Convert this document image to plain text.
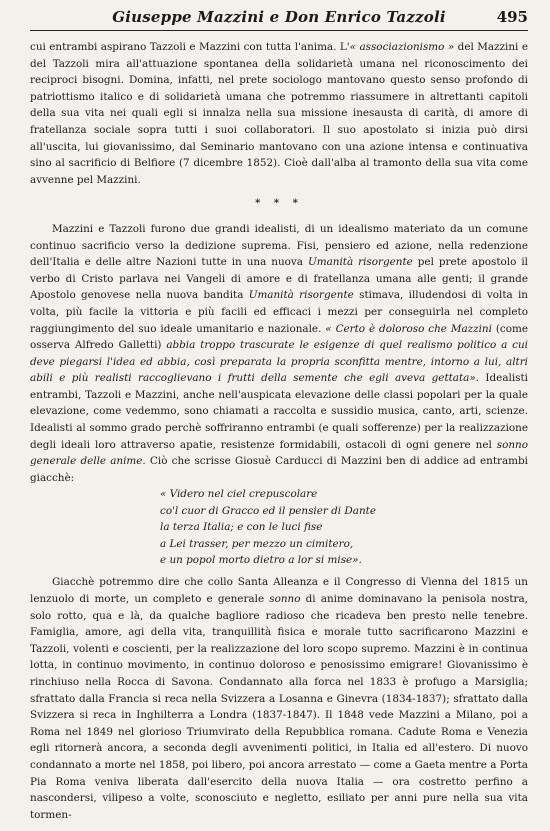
Giuseppe Mazzini e Don Enrico Tazzoli	495

cui entrambi aspirano Tazzoli e Mazzini con tutta l'anima. L'« associazionismo » del Mazzini e del Tazzoli mira all'attuazione spontanea della solidarietà umana nel riconoscimento dei reciproci bisogni. Domina, infatti, nel prete sociologo mantovano questo senso profondo di patriottismo italico e di solidarietà umana che potremmo riassumere in altrettanti capitoli della sua vita nei quali egli si innalza nella sua missione inesausta di carità, di amore di fratellanza sociale sopra tutti i suoi collaboratori. Il suo apostolato si inizia può dirsi all'uscita, lui giovanissimo, dal Seminario mantovano con una azione intensa e continuativa sino al sacrificio di Belfiore (7 dicembre 1852). Cioè dall'alba al tramonto della sua vita come avvenne pel Mazzini.

* * *

Mazzini e Tazzoli furono due grandi idealisti, di un idealismo materiato da un comune continuo sacrificio verso la dedizione suprema. Fisi, pensiero ed azione, nella redenzione dell'Italia e delle altre Nazioni tutte in una nuova Umanità risorgente pel prete apostolo il verbo di Cristo parlava nei Vangeli di amore e di fratellanza umana alle genti; il grande Apostolo genovese nella nuova bandita Umanità risorgente stimava, illudendosi di volta in volta, più facile la vittoria e più facili ed efficaci i mezzi per conseguirla nel completo raggiungimento del suo ideale umanitario e nazionale. « Certo è doloroso che Mazzini (come osserva Alfredo Galletti) abbia troppo trascurate le esigenze di quel realismo politico a cui deve piegarsi l'idea ed abbia, così preparata la propria sconfitta mentre, intorno a lui, altri abili e più realisti raccoglievano i frutti della semente che egli aveva gettata». Idealisti entrambi, Tazzoli e Mazzini, anche nell'auspicata elevazione delle classi popolari per la quale elevazione, come vedemmo, sono chiamati a raccolta e sussidio musica, canto, arti, scienze. Idealisti al sommo grado perchè soffriranno entrambi (e quali sofferenze) per la realizzazione degli ideali loro attraverso apatie, resistenze formidabili, ostacoli di ogni genere nel sonno generale delle anime. Ciò che scrisse Giosuè Carducci di Mazzini ben di addice ad entrambi giacchè:

« Videro nel ciel crepuscolare
co'l cuor di Gracco ed il pensier di Dante
la terza Italia; e con le luci fise
a Lei trasser, per mezzo un cimitero,
e un popol morto dietro a lor si mise».

Giacchè potremmo dire che collo Santa Alleanza e il Congresso di Vienna del 1815 un lenzuolo di morte, un completo e generale sonno di anime dominavano la penisola nostra, solo rotto, qua e là, da qualche bagliore radioso che ricadeva ben presto nelle tenebre. Famiglia, amore, agi della vita, tranquillità fisica e morale tutto sacrificarono Mazzini e Tazzoli, volenti e coscienti, per la realizzazione del loro scopo supremo. Mazzini è in continua lotta, in continuo movimento, in continuo doloroso e penosissimo emigrare! Giovanissimo è rinchiuso nella Rocca di Savona. Condannato alla forca nel 1833 è profugo a Marsiglia; sfrattato dalla Francia si reca nella Svizzera a Losanna e Ginevra (1834-1837); sfrattato dalla Svizzera si reca in Inghilterra a Londra (1837-1847). Il 1848 vede Mazzini a Milano, poi a Roma nel 1849 nel glorioso Triumvirato della Repubblica romana. Cadute Roma e Venezia egli ritornerà ancora, a seconda degli avvenimenti politici, in Italia ed all'estero. Di nuovo condannato a morte nel 1858, poi libero, poi ancora arrestato — come a Gaeta mentre a Porta Pia Roma veniva liberata dall'esercito della nuova Italia — ora costretto perfino a nascondersi, vilipeso a volte, sconosciuto e negletto, esiliato per anni pure nella sua vita tormen-
